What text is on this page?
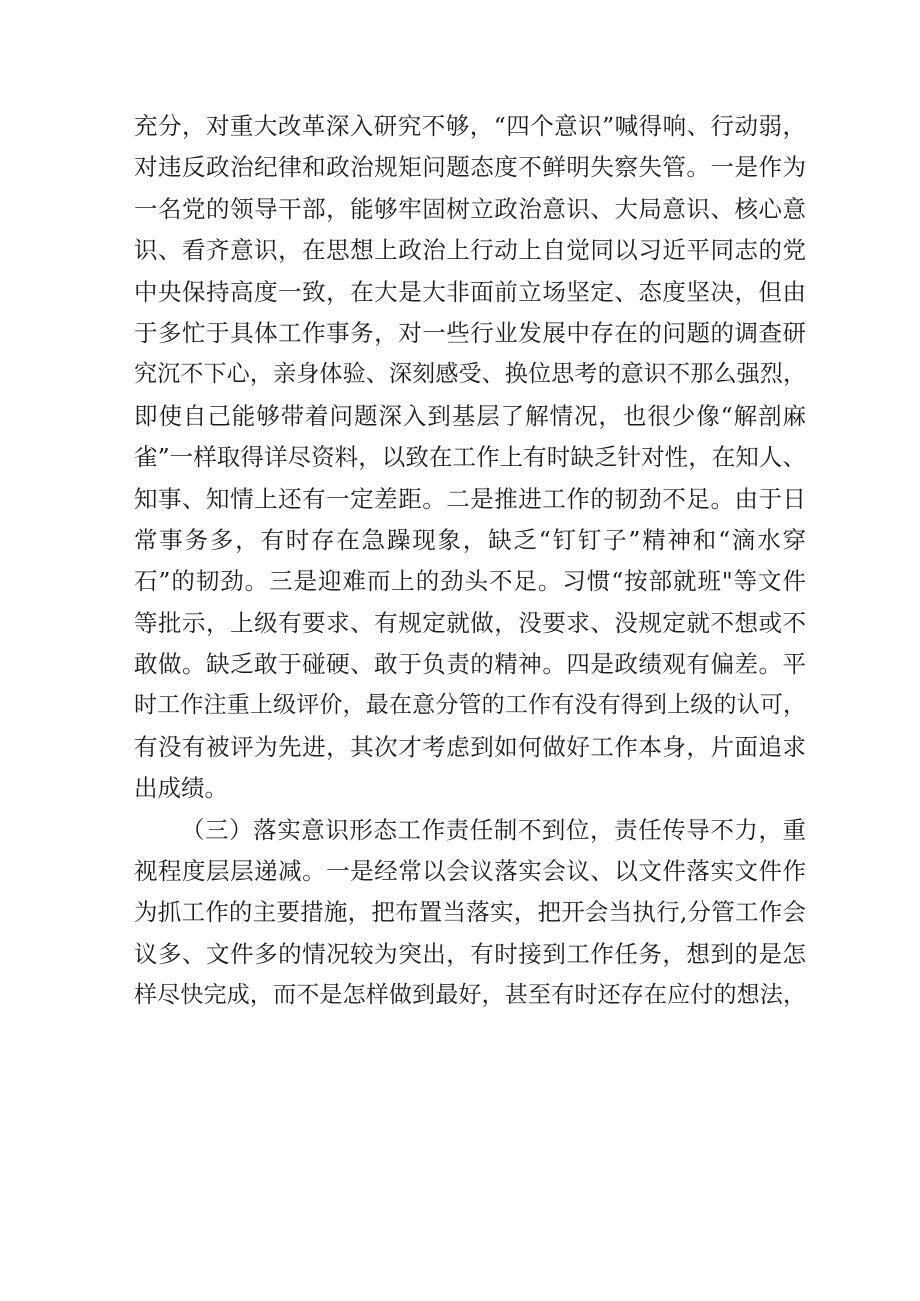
充分，对重大改革深入研究不够，“四个意识”喊得响、行动弱，

对违反政治纪律和政治规矩问题态度不鲜明失察失管。一是作为

一名党的领导干部，能够牢固树立政治意识、大局意识、核心意

识、看齐意识，在思想上政治上行动上自觉同以习近平同志的党

中央保持高度一致，在大是大非面前立场坚定、态度坚决，但由

于多忙于具体工作事务，对一些行业发展中存在的问题的调查研

究沉不下心，亲身体验、深刻感受、换位思考的意识不那么强烈，

即使自己能够带着问题深入到基层了解情况，也很少像“解剖麻

雀”一样取得详尽资料，以致在工作上有时缺乏针对性，在知人、

知事、知情上还有一定差距。二是推进工作的韧劲不足。由于日

常事务多，有时存在急躁现象，缺乏“钉钉子”精神和“滴水穿

石”的韧劲。三是迎难而上的劲头不足。习惯“按部就班"等文件

等批示，上级有要求、有规定就做，没要求、没规定就不想或不

敢做。缺乏敢于碰硬、敢于负责的精神。四是政绩观有偏差。平

时工作注重上级评价，最在意分管的工作有没有得到上级的认可，

有没有被评为先进，其次才考虑到如何做好工作本身，片面追求

出成绩。

（三）落实意识形态工作责任制不到位，责任传导不力，重

视程度层层递减。一是经常以会议落实会议、以文件落实文件作

为抓工作的主要措施，把布置当落实，把开会当执行,分管工作会

议多、文件多的情况较为突出，有时接到工作任务，想到的是怎

样尽快完成，而不是怎样做到最好，甚至有时还存在应付的想法，
